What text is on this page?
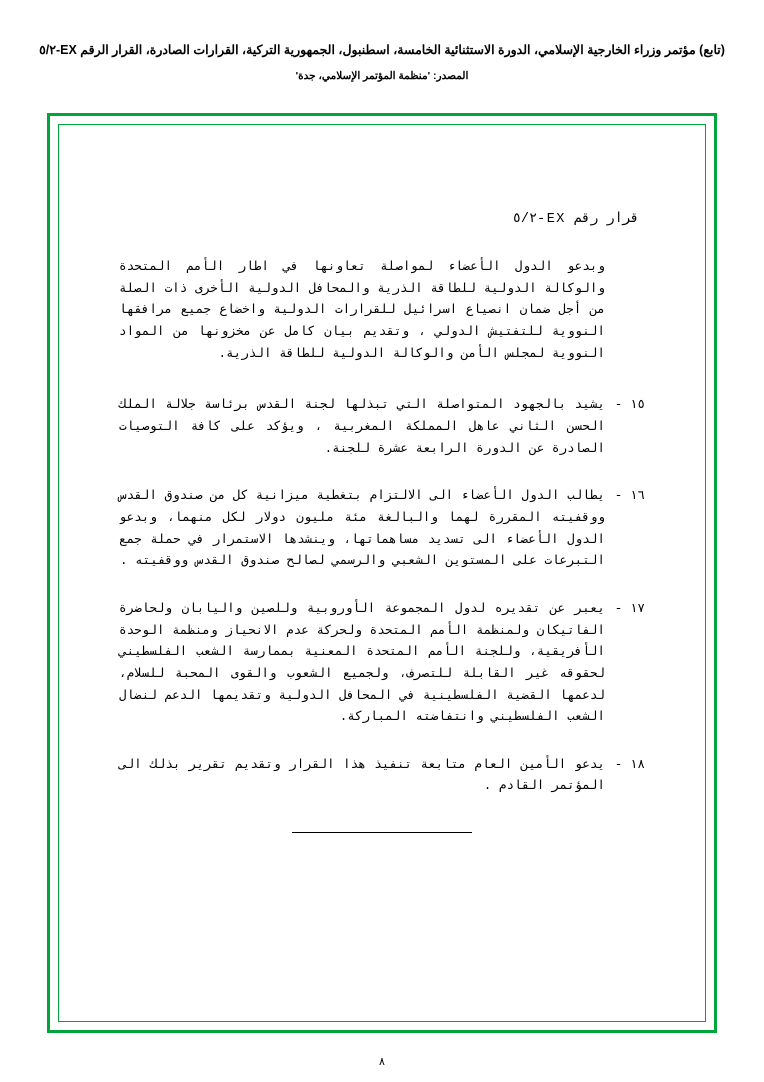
(تابع) مؤتمر وزراء الخارجية الإسلامي، الدورة الاستثنائية الخامسة، اسطنبول، الجمهورية التركية، القرارات الصادرة، القرار الرقم EX-٥/٢
المصدر: 'منظمة المؤتمر الإسلامي، جدة'
قرار رقم EX-٥/٢
وبدعو الدول الأعضاء لمواصلة تعاونها في اطار الأمم المتحدة والوكالة الدولية للطاقة الذرية والمحافل الدولية الأخرى ذات الصلة من أجل ضمان انصياع اسرائيل للقرارات الدولية واخضاع جميع مرافقها النووية للتفتيش الدولي ، وتقديم بيان كامل عن مخزونها من المواد النووية لمجلس الأمن والوكالة الدولية للطاقة الذرية.
١٥ -
يشيد بالجهود المتواصلة التي تبذلها لجنة القدس برئاسة جلالة الملك الحسن الثاني عاهل المملكة المغربية ، ويؤكد على كافة التوصيات الصادرة عن الدورة الرابعة عشرة للجنة.
١٦ -
يطالب الدول الأعضاء الى الالتزام بتغطية ميزانية كل من صندوق القدس ووقفيته المقررة لهما والبالغة مئة مليون دولار لكل منهما، وبدعو الدول الأعضاء الى تسديد مساهماتها، وينشدها الاستمرار في حملة جمع التبرعات على المستوين الشعبي والرسمي لصالح صندوق القدس ووقفيته .
١٧ -
يعبر عن تقديره لدول المجموعة الأوروبية وللصين واليابان ولحاضرة الفاتيكان ولمنظمة الأمم المتحدة ولحركة عدم الانحياز ومنظمة الوحدة الأفريقية، وللجنة الأمم المتحدة المعنية بممارسة الشعب الفلسطيني لحقوقه غير القابلة للتصرف، ولجميع الشعوب والقوى المحبة للسلام، لدعمها القضية الفلسطينية في المحافل الدولية وتقديمها الدعم لنضال الشعب الفلسطيني وانتفاضته المباركة.
١٨ -
يدعو الأمين العام متابعة تنفيذ هذا القرار وتقديم تقرير بذلك الى المؤتمر القادم .
٨
